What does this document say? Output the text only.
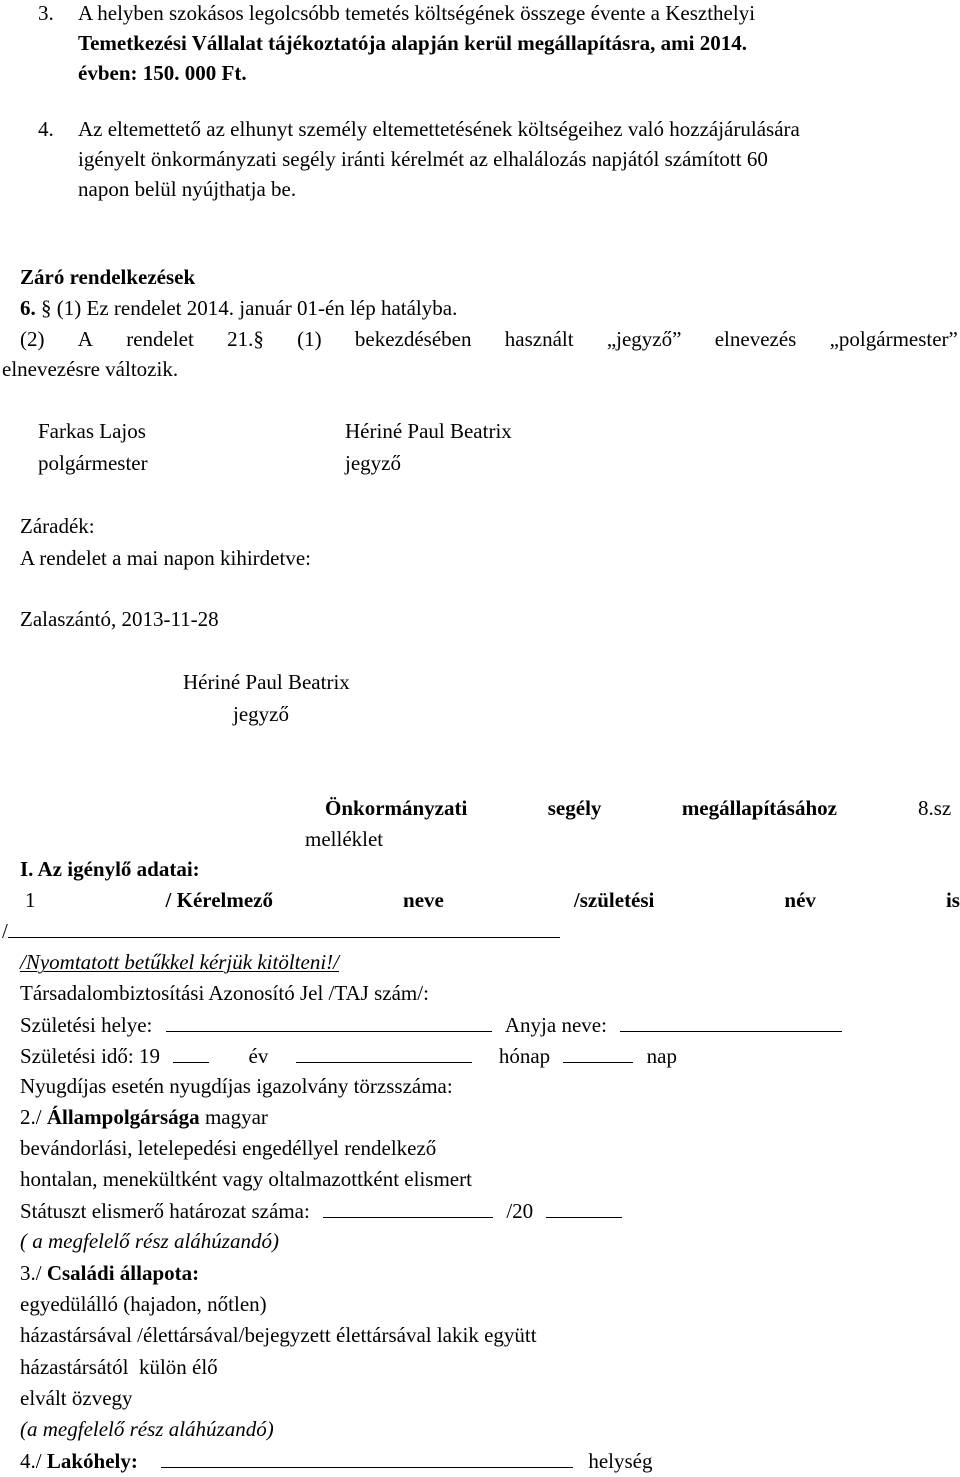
3. A helyben szokásos legolcsóbb temetés költségének összege évente a Keszthelyi
Temetkezési Vállalat tájékoztatója alapján kerül megállapításra, ami 2014.
évben: 150. 000 Ft.
4. Az eltemettető az elhunyt személy eltemettetésének költségeihez való hozzájárulására
igényelt önkormányzati segély iránti kérelmét az elhalálozás napjától számított 60
napon belül nyújthatja be.
Záró rendelkezések
6. § (1) Ez rendelet 2014. január 01-én lép hatályba.
(2) A rendelet 21.§ (1) bekezdésében használt „jegyző” elnevezés „polgármester”
elnevezésre változik.
Farkas Lajos
polgármester
Hériné Paul Beatrix
jegyző
Záradék:
A rendelet a mai napon kihirdetve:
Zalaszántó, 2013-11-28
Hériné Paul Beatrix
jegyző
Önkormányzati	segély	megállapításához	8.sz
melléklet
I. Az igénylő adatai:
1	/ Kérelmező	neve	/születési	név	is
/
/Nyomtatott betűkkel kérjük kitölteni!/
Társadalombiztosítási Azonosító Jel /TAJ szám/:
Születési helye:	Anyja neve:
Születési idő: 19	év	hónap	nap
Nyugdíjas esetén nyugdíjas igazolvány törzsszáma:
2./ Állampolgársága magyar
bevándorlási, letelepedési engedéllyel rendelkező
hontalan, menekültként vagy oltalmazottként elismert
Státuszt elismerő határozat száma:	/20
( a megfelelő rész aláhúzandó)
3./ Családi állapota:
egyedülálló (hajadon, nőtlen)
házastársával /élettársával/bejegyzett élettársával lakik együtt
házastársától  külön élő
elvált özvegy
(a megfelelő rész aláhúzandó)
4./ Lakóhely:	helység
